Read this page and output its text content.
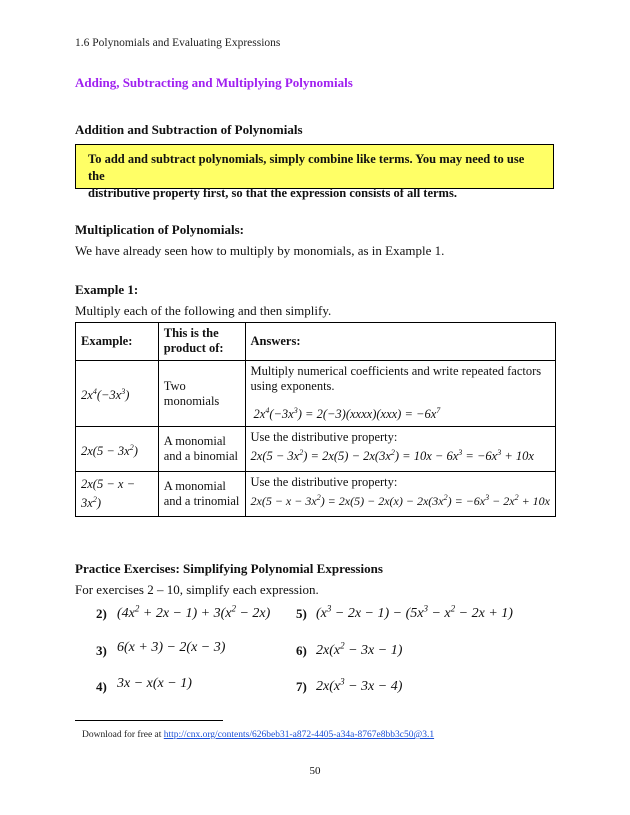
1.6 Polynomials and Evaluating Expressions
Adding, Subtracting and Multiplying Polynomials
Addition and Subtraction of Polynomials
To add and subtract polynomials, simply combine like terms. You may need to use the
distributive property first, so that the expression consists of all terms.
Multiplication of Polynomials:
We have already seen how to multiply by monomials, as in Example 1.
Example 1:
Multiply each of the following and then simplify.
Example:	This is the product of:	Answers:
$2x^4(-3x^3)$	Two monomials	Multiply numerical coefficients and write repeated factors using exponents.
$2x^4(-3x^3)$ = 2(−3)(xxxx)(xxx) = $-6x^7$

$2x(5 - 3x^2)$	A monomial and a binomial	Use the distributive property:
$2x(5 - 3x^2) = 2x(5) - 2x(3x^2) = 10x - 6x^3 = -6x^3 + 10x$

$2x(5 - x - 3x^2)$	A monomial and a trinomial	Use the distributive property:
$2x(5 - x - 3x^2) = 2x(5) - 2x(x) - 2x(3x^2) = -6x^3 - 2x^2 + 10x$
Practice Exercises: Simplifying Polynomial Expressions
For exercises 2 – 10, simplify each expression.
2) $(4x^2 + 2x - 1) + 3(x^2 - 2x)$ 5) $(x^3 - 2x - 1) - (5x^3 - x^2 - 2x + 1)$
3) 6(x + 3) − 2(x − 3)	6) $2x(x^2 - 3x - 1)$
4) 3x − x(x − 1)	7) $2x(x^3 - 3x - 4)$
Download for free at http://cnx.org/contents/626beb31-a872-4405-a34a-8767e8bb3c50@3.1
50
